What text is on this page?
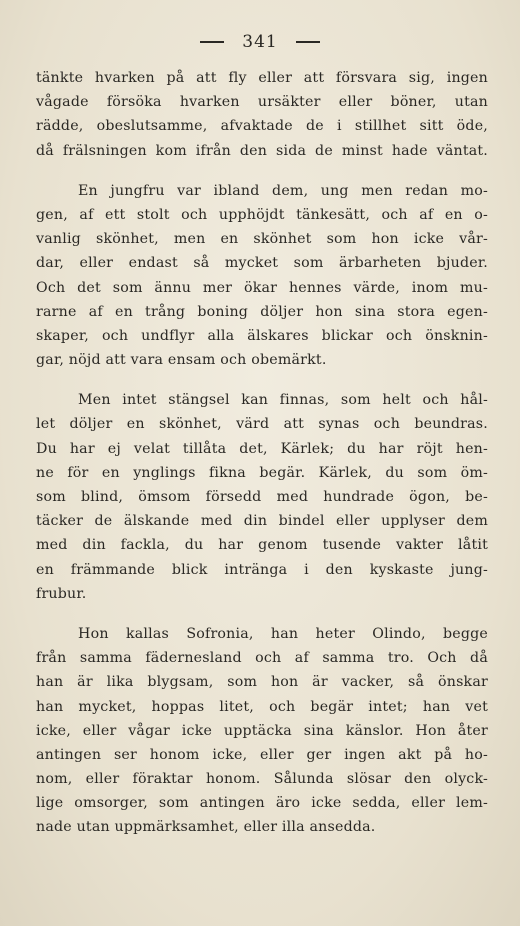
341
tänkte hvarken på att fly eller att försvara sig, ingen
vågade försöka hvarken ursäkter eller böner, utan
rädde, obeslutsamme, afvaktade de i stillhet sitt öde,
då frälsningen kom ifrån den sida de minst hade väntat.
En jungfru var ibland dem, ung men redan mo-
gen, af ett stolt och upphöjdt tänkesätt, och af en o-
vanlig skönhet, men en skönhet som hon icke vår-
dar, eller endast så mycket som ärbarheten bjuder.
Och det som ännu mer ökar hennes värde, inom mu-
rarne af en trång boning döljer hon sina stora egen-
skaper, och undflyr alla älskares blickar och önsknin-
gar, nöjd att vara ensam och obemärkt.
Men intet stängsel kan finnas, som helt och hål-
let döljer en skönhet, värd att synas och beundras.
Du har ej velat tillåta det, Kärlek; du har röjt hen-
ne för en ynglings fikna begär. Kärlek, du som öm-
som blind, ömsom försedd med hundrade ögon, be-
täcker de älskande med din bindel eller upplyser dem
med din fackla, du har genom tusende vakter låtit
en främmande blick intränga i den kyskaste jung-
frubur.
Hon kallas Sofronia, han heter Olindo, begge
från samma fädernesland och af samma tro. Och då
han är lika blygsam, som hon är vacker, så önskar
han mycket, hoppas litet, och begär intet; han vet
icke, eller vågar icke upptäcka sina känslor. Hon åter
antingen ser honom icke, eller ger ingen akt på ho-
nom, eller föraktar honom. Sålunda slösar den olyck-
lige omsorger, som antingen äro icke sedda, eller lem-
nade utan uppmärksamhet, eller illa ansedda.
